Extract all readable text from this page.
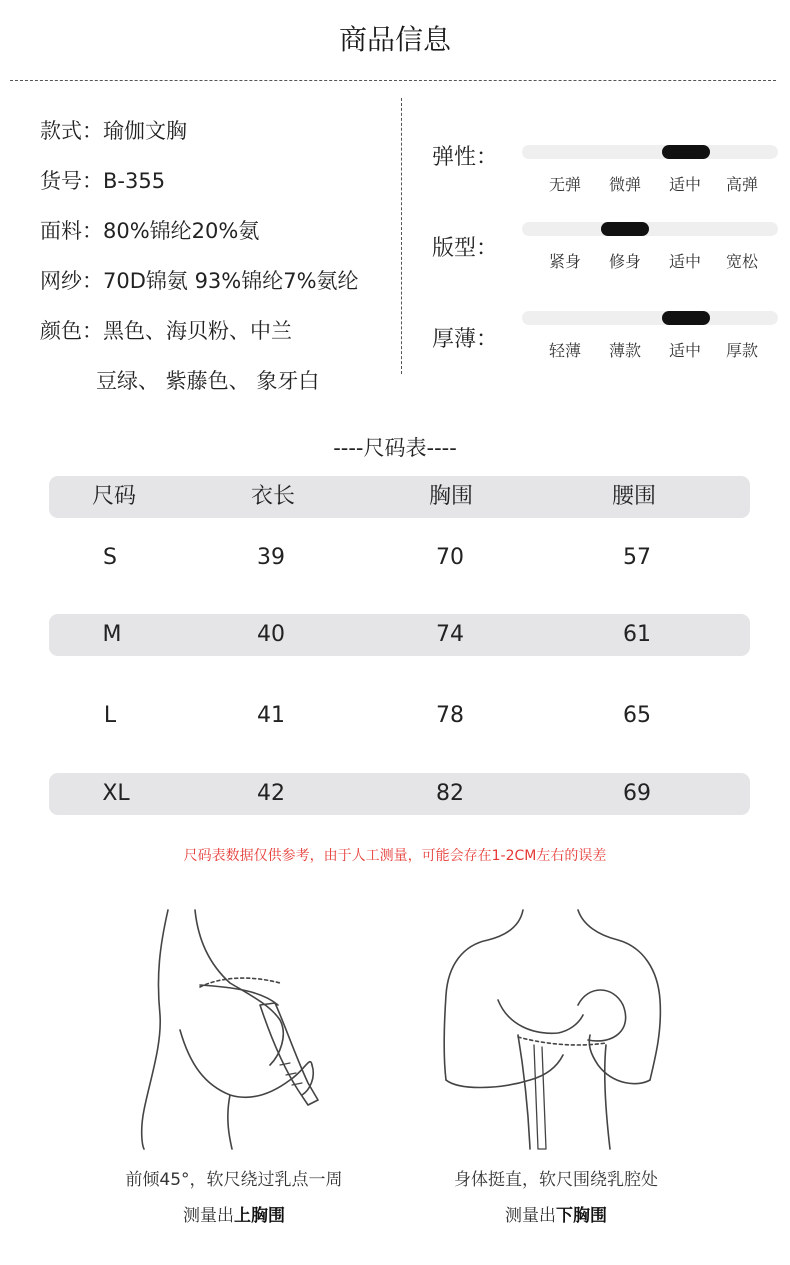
商品信息
款式：瑜伽文胸
货号：B-355
面料：80%锦纶20%氨
网纱：70D锦氨 93%锦纶7%氨纶
颜色：黑色、海贝粉、中兰
豆绿、 紫藤色、 象牙白
弹性：
无弹 微弹 适中 高弹
版型：
紧身 修身 适中 宽松
厚薄：	轻薄 薄款 适中 厚款
----尺码表----
尺码	衣长	胸围	腰围
S	39	70	57
M	40	74	61
L	41	78	65
XL	42	82	69
尺码表数据仅供参考，由于人工测量，可能会存在1-2CM左右的误差
前倾45°，软尺绕过乳点一周
测量出上胸围
身体挺直，软尺围绕乳腔处
测量出下胸围
